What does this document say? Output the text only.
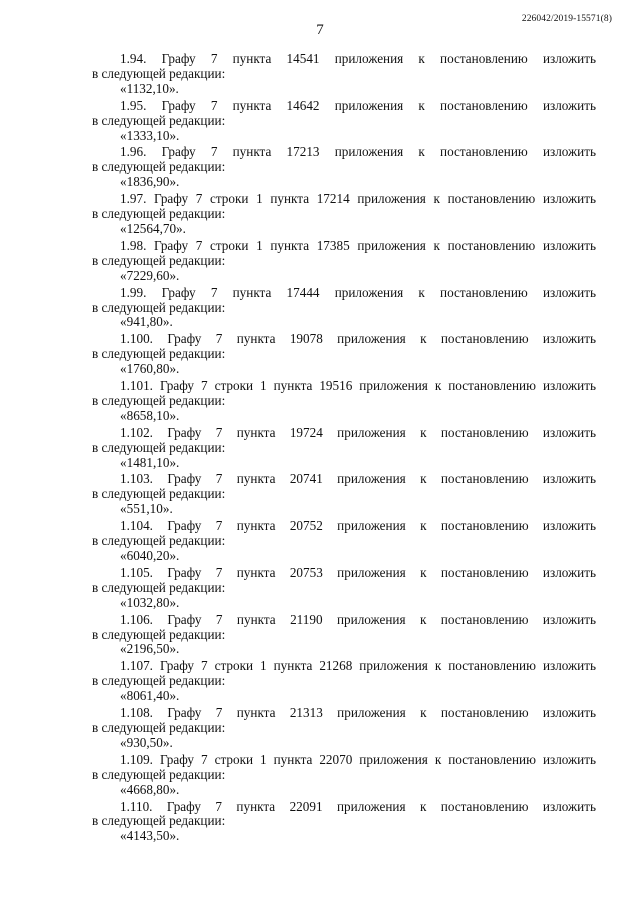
226042/2019-15571(8)
7
1.94. Графу 7 пункта 14541 приложения к постановлению изложить
в следующей редакции:
«1132,10».
1.95. Графу 7 пункта 14642 приложения к постановлению изложить
в следующей редакции:
«1333,10».
1.96. Графу 7 пункта 17213 приложения к постановлению изложить
в следующей редакции:
«1836,90».
1.97. Графу 7 строки 1 пункта 17214 приложения к постановлению изложить
в следующей редакции:
«12564,70».
1.98. Графу 7 строки 1 пункта 17385 приложения к постановлению изложить
в следующей редакции:
«7229,60».
1.99. Графу 7 пункта 17444 приложения к постановлению изложить
в следующей редакции:
«941,80».
1.100. Графу 7 пункта 19078 приложения к постановлению изложить
в следующей редакции:
«1760,80».
1.101. Графу 7 строки 1 пункта 19516 приложения к постановлению изложить
в следующей редакции:
«8658,10».
1.102. Графу 7 пункта 19724 приложения к постановлению изложить
в следующей редакции:
«1481,10».
1.103. Графу 7 пункта 20741 приложения к постановлению изложить
в следующей редакции:
«551,10».
1.104. Графу 7 пункта 20752 приложения к постановлению изложить
в следующей редакции:
«6040,20».
1.105. Графу 7 пункта 20753 приложения к постановлению изложить
в следующей редакции:
«1032,80».
1.106. Графу 7 пункта 21190 приложения к постановлению изложить
в следующей редакции:
«2196,50».
1.107. Графу 7 строки 1 пункта 21268 приложения к постановлению изложить
в следующей редакции:
«8061,40».
1.108. Графу 7 пункта 21313 приложения к постановлению изложить
в следующей редакции:
«930,50».
1.109. Графу 7 строки 1 пункта 22070 приложения к постановлению изложить
в следующей редакции:
«4668,80».
1.110. Графу 7 пункта 22091 приложения к постановлению изложить
в следующей редакции:
«4143,50».
